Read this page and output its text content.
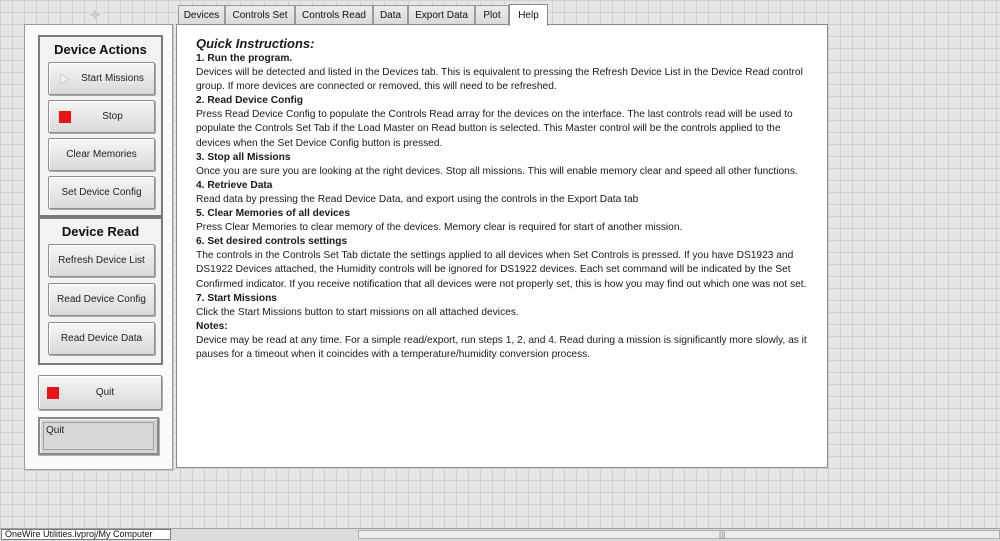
✛
Device Actions
Start Missions
Stop
Clear Memories
Set Device Config
Device Read
Refresh Device List
Read Device Config
Read Device Data
Quit
Quit
Devices	Controls Set	Controls Read	Data	Export Data	Plot	Help
Quick Instructions:
1. Run the program.
Devices will be detected and listed in the Devices tab. This is equivalent to pressing the Refresh Device List in the Device Read control group. If more devices are connected or removed, this will need to be refreshed.
2. Read Device Config
Press Read Device Config to populate the Controls Read array for the devices on the interface. The last controls read will be used to populate the Controls Set Tab if the Load Master on Read button is selected. This Master control will be the controls applied to the devices when the Set Device Config button is pressed.
3. Stop all Missions
Once you are sure you are looking at the right devices. Stop all missions. This will enable memory clear and speed all other functions.
4. Retrieve Data
Read data by pressing the Read Device Data, and export using the controls in the Export Data tab
5. Clear Memories of all devices
Press Clear Memories to clear memory of the devices. Memory clear is required for start of another mission.
6. Set desired controls settings
The controls in the Controls Set Tab dictate the settings applied to all devices when Set Controls is pressed. If you have DS1923 and DS1922 Devices attached, the Humidity controls will be ignored for DS1922 devices. Each set command will be indicated by the Set Confirmed indicator. If you receive notification that all devices were not properly set, this is how you may find out which one was not set.
7. Start Missions
Click the Start Missions button to start missions on all attached devices.
Notes:
Device may be read at any time. For a simple read/export, run steps 1, 2, and 4. Read during a mission is significantly more slowly, as it pauses for a timeout when it coincides with a temperature/humidity conversion process.
OneWire Utilities.lvproj/My Computer	|||
